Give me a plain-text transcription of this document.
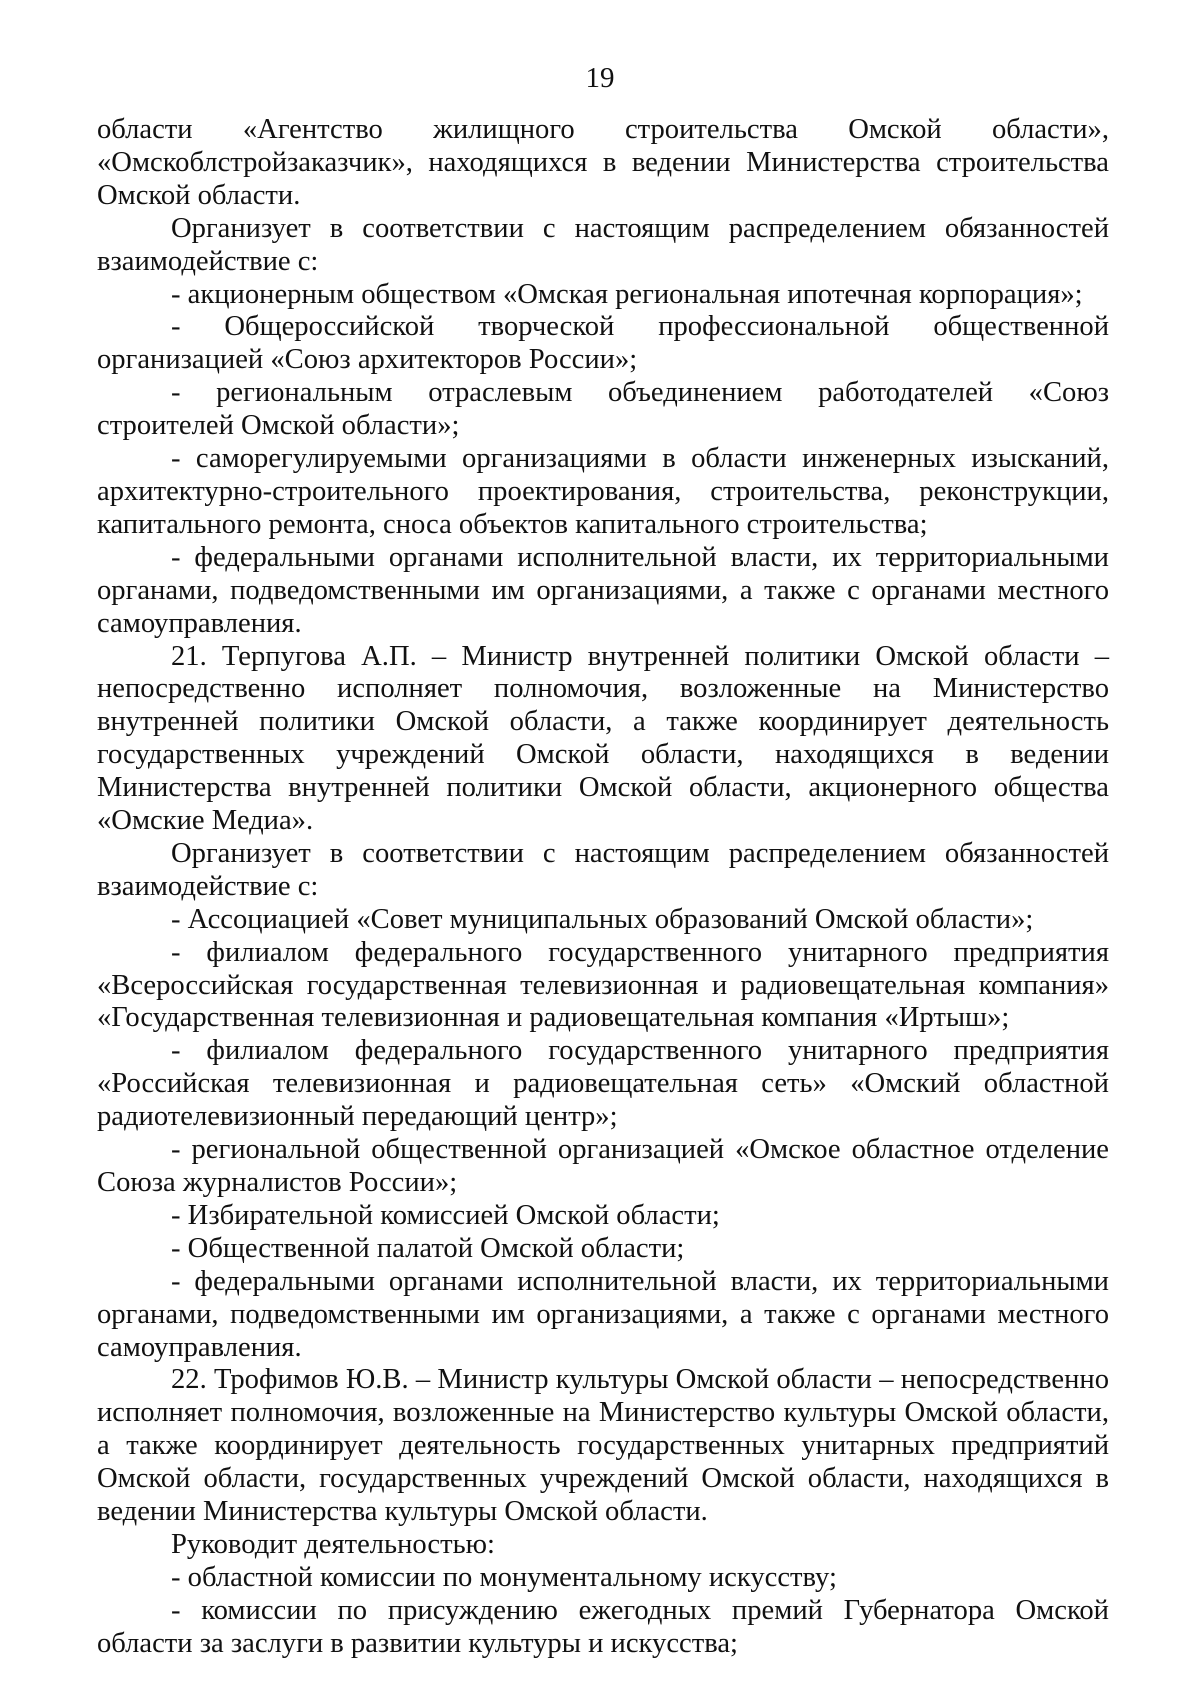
19

области «Агентство жилищного строительства Омской области», «Омскоблстройзаказчик», находящихся в ведении Министерства строительства Омской области.

Организует в соответствии с настоящим распределением обязанностей взаимодействие с:

- акционерным обществом «Омская региональная ипотечная корпорация»;

- Общероссийской творческой профессиональной общественной организацией «Союз архитекторов России»;

- региональным отраслевым объединением работодателей «Союз строителей Омской области»;

- саморегулируемыми организациями в области инженерных изысканий, архитектурно-строительного проектирования, строительства, реконструкции, капитального ремонта, сноса объектов капитального строительства;

- федеральными органами исполнительной власти, их территориальными органами, подведомственными им организациями, а также с органами местного самоуправления.

21. Терпугова А.П. – Министр внутренней политики Омской области – непосредственно исполняет полномочия, возложенные на Министерство внутренней политики Омской области, а также координирует деятельность государственных учреждений Омской области, находящихся в ведении Министерства внутренней политики Омской области, акционерного общества «Омские Медиа».

Организует в соответствии с настоящим распределением обязанностей взаимодействие с:

- Ассоциацией «Совет муниципальных образований Омской области»;

- филиалом федерального государственного унитарного предприятия «Всероссийская государственная телевизионная и радиовещательная компания» «Государственная телевизионная и радиовещательная компания «Иртыш»;

- филиалом федерального государственного унитарного предприятия «Российская телевизионная и радиовещательная сеть» «Омский областной радиотелевизионный передающий центр»;

- региональной общественной организацией «Омское областное отделение Союза журналистов России»;

- Избирательной комиссией Омской области;

- Общественной палатой Омской области;

- федеральными органами исполнительной власти, их территориальными органами, подведомственными им организациями, а также с органами местного самоуправления.

22. Трофимов Ю.В. – Министр культуры Омской области – непосредственно исполняет полномочия, возложенные на Министерство культуры Омской области, а также координирует деятельность государственных унитарных предприятий Омской области, государственных учреждений Омской области, находящихся в ведении Министерства культуры Омской области.

Руководит деятельностью:

- областной комиссии по монументальному искусству;

- комиссии по присуждению ежегодных премий Губернатора Омской области за заслуги в развитии культуры и искусства;
